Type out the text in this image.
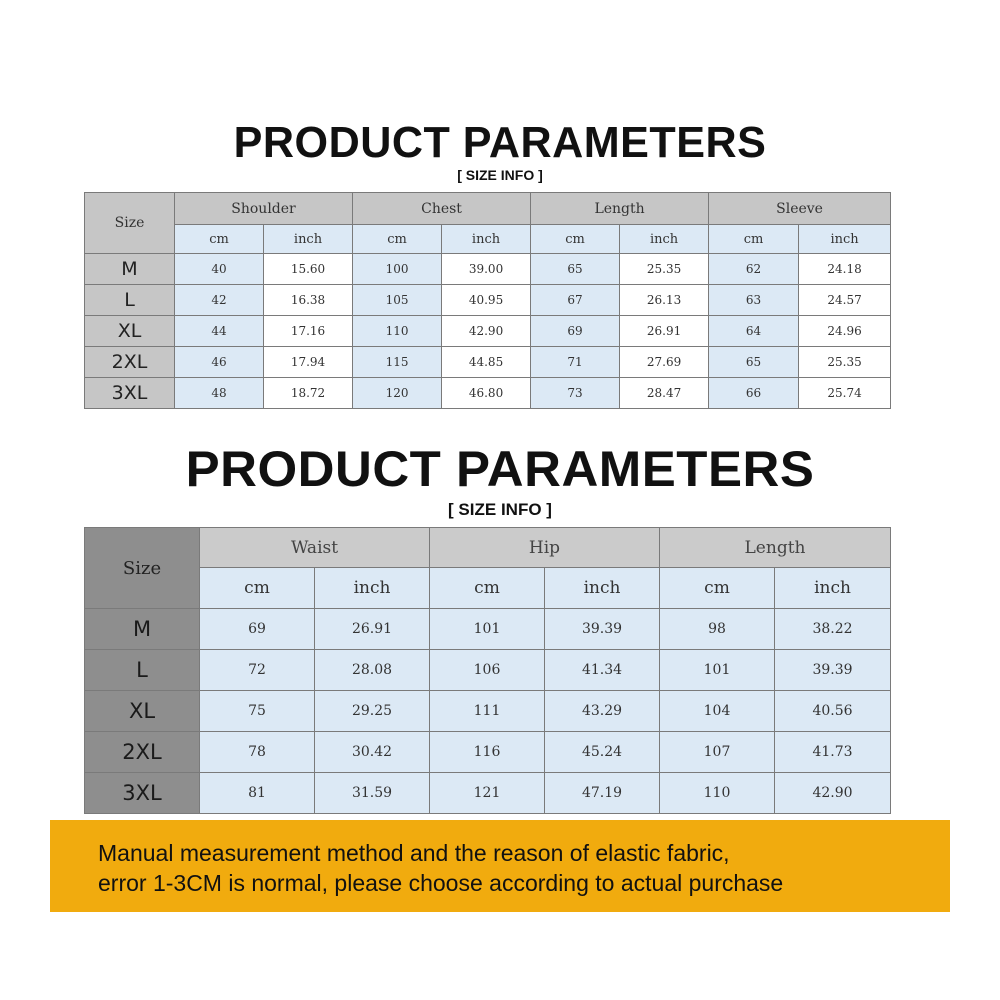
PRODUCT PARAMETERS
[ SIZE INFO ]
Size	Shoulder		Chest		Length		Sleeve	
	cm	inch	cm	inch	cm	inch	cm	inch
M	40	15.60	100	39.00	65	25.35	62	24.18
L	42	16.38	105	40.95	67	26.13	63	24.57
XL	44	17.16	110	42.90	69	26.91	64	24.96
2XL	46	17.94	115	44.85	71	27.69	65	25.35
3XL	48	18.72	120	46.80	73	28.47	66	25.74
PRODUCT PARAMETERS
[ SIZE INFO ]
Size	Waist		Hip		Length	
	cm	inch	cm	inch	cm	inch
M	69	26.91	101	39.39	98	38.22
L	72	28.08	106	41.34	101	39.39
XL	75	29.25	111	43.29	104	40.56
2XL	78	30.42	116	45.24	107	41.73
3XL	81	31.59	121	47.19	110	42.90
Manual measurement method and the reason of elastic fabric,
error 1-3CM is normal, please choose according to actual purchase
